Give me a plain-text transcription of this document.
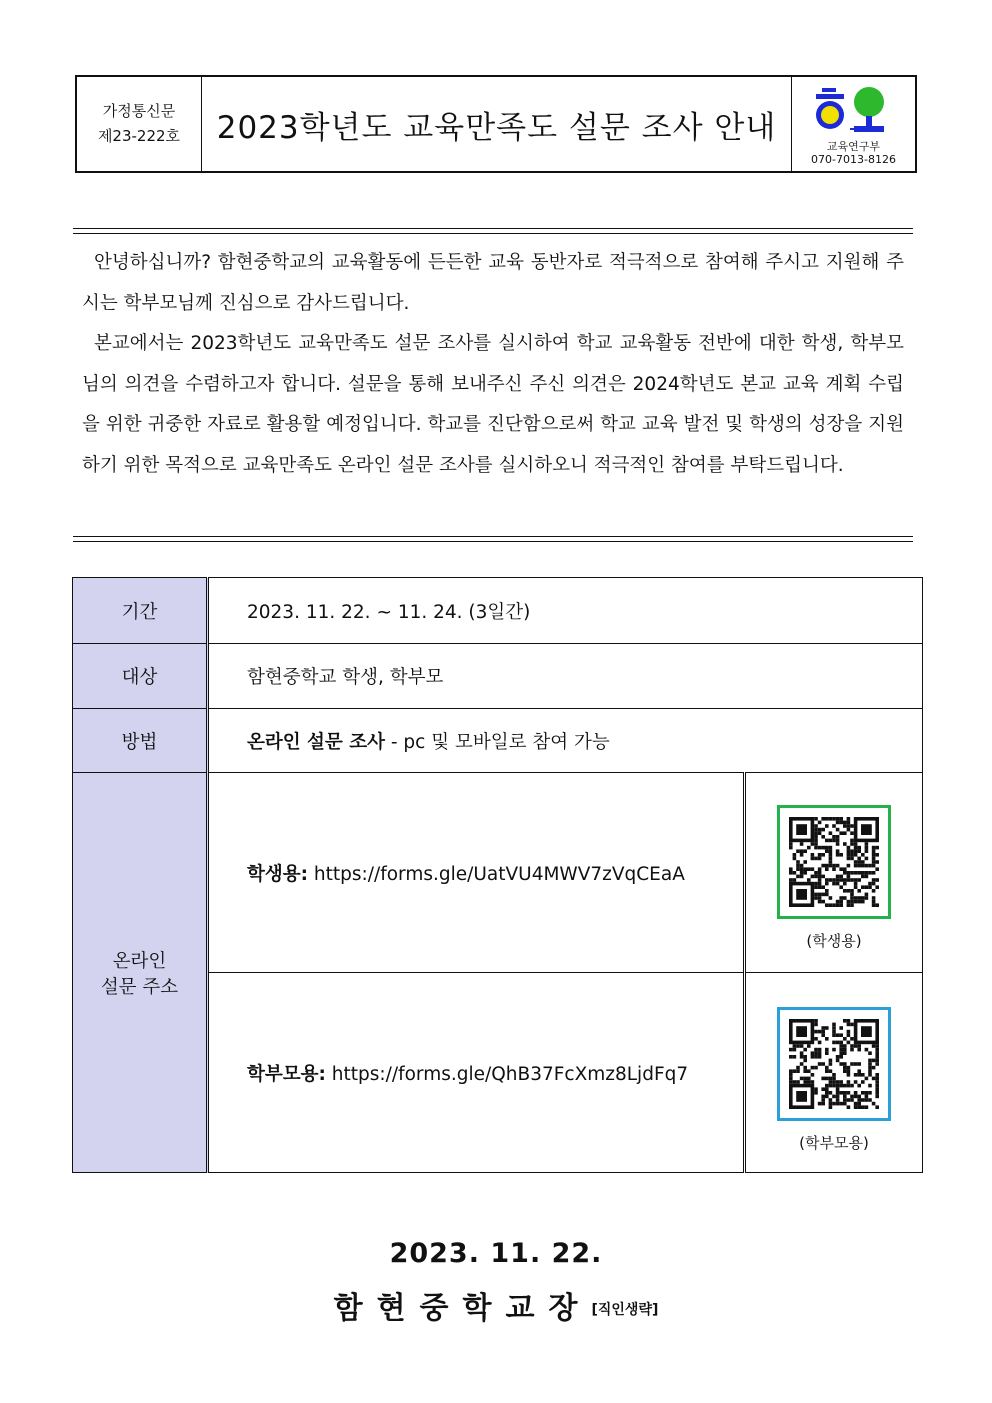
가정통신문
제23-222호	2023학년도 교육만족도 설문 조사 안내
교육연구부
070-7013-8126

안녕하십니까? 함현중학교의 교육활동에 든든한 교육 동반자로 적극적으로 참여해 주시고 지원해 주시는 학부모님께 진심으로 감사드립니다.

본교에서는 2023학년도 교육만족도 설문 조사를 실시하여 학교 교육활동 전반에 대한 학생, 학부모님의 의견을 수렴하고자 합니다. 설문을 통해 보내주신 주신 의견은 2024학년도 본교 교육 계획 수립을 위한 귀중한 자료로 활용할 예정입니다. 학교를 진단함으로써 학교 교육 발전 및 학생의 성장을 지원하기 위한 목적으로 교육만족도 온라인 설문 조사를 실시하오니 적극적인 참여를 부탁드립니다.

기간	2023. 11. 22. ~ 11. 24. (3일간)	
대상	함현중학교 학생, 학부모	
방법	온라인 설문 조사 - pc 및 모바일로 참여 가능	

온라인
설문 주소	학생용: https://forms.gle/UatVU4MWV7zVqCEaA	(학생용)

	학부모용: https://forms.gle/QhB37FcXmz8LjdFq7	(학부모용)
2023. 11. 22.
함현중학교장[직인생략]
